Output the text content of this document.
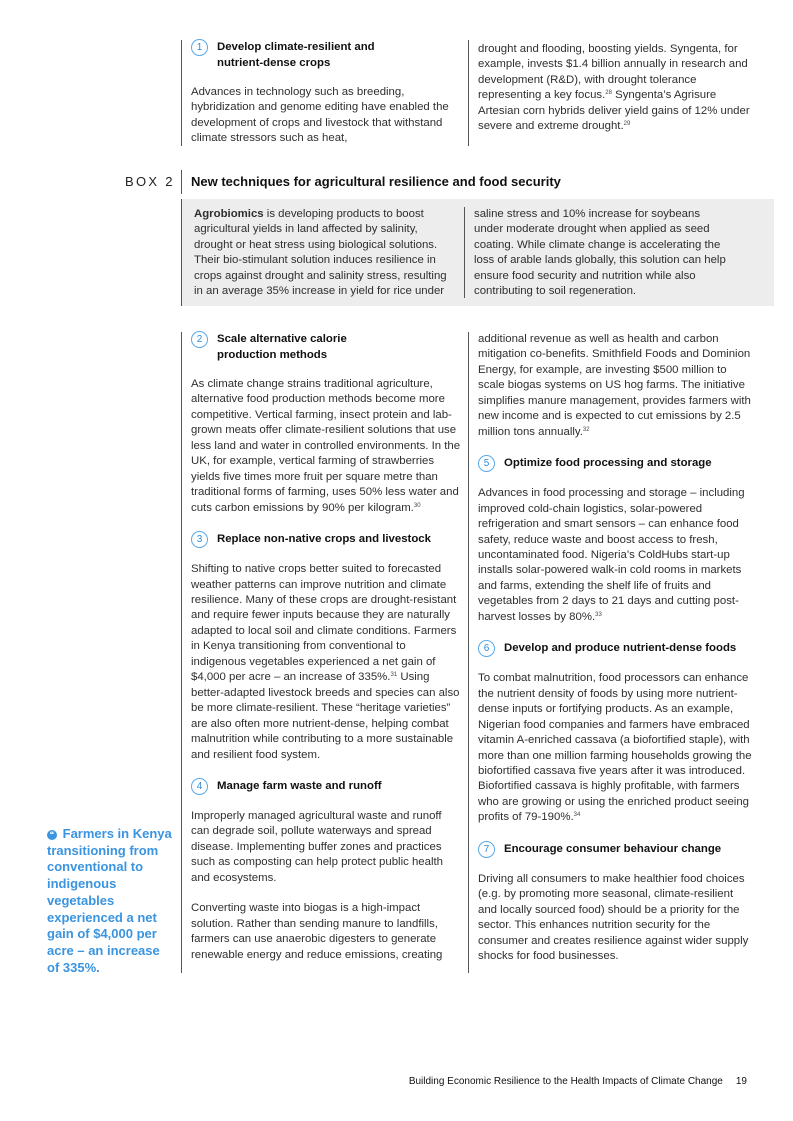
1	Develop climate-resilient and nutrient-dense crops

Advances in technology such as breeding, hybridization and genome editing have enabled the development of crops and livestock that withstand climate stressors such as heat,

drought and flooding, boosting yields. Syngenta, for example, invests $1.4 billion annually in research and development (R&D), with drought tolerance representing a key focus.$^{28}$ Syngenta’s Agrisure Artesian corn hybrids deliver yield gains of 12% under severe and extreme drought.$^{29}$

BOX 2 New techniques for agricultural resilience and food security

Agrobiomics is developing products to boost agricultural yields in land affected by salinity, drought or heat stress using biological solutions. Their bio-stimulant solution induces resilience in crops against drought and salinity stress, resulting in an average 35% increase in yield for rice under

saline stress and 10% increase for soybeans under moderate drought when applied as seed coating. While climate change is accelerating the loss of arable lands globally, this solution can help ensure food security and nutrition while also contributing to soil regeneration.

2	Scale alternative calorie production methods

As climate change strains traditional agriculture, alternative food production methods become more competitive. Vertical farming, insect protein and lab-grown meats offer climate-resilient solutions that use less land and water in controlled environments. In the UK, for example, vertical farming of strawberries yields five times more fruit per square metre than traditional forms of farming, uses 50% less water and cuts carbon emissions by 90% per kilogram.$^{30}$

3	Replace non-native crops and livestock

Shifting to native crops better suited to forecasted weather patterns can improve nutrition and climate resilience. Many of these crops are drought-resistant and require fewer inputs because they are naturally adapted to local soil and climate conditions. Farmers in Kenya transitioning from conventional to indigenous vegetables experienced a net gain of $4,000 per acre – an increase of 335%.$^{31}$ Using better-adapted livestock breeds and species can also be more climate-resilient. These “heritage varieties” are also often more nutrient-dense, helping combat malnutrition while contributing to a more sustainable and resilient food system.

4	Manage farm waste and runoff

Improperly managed agricultural waste and runoff can degrade soil, pollute waterways and spread disease. Implementing buffer zones and practices such as composting can help protect public health and ecosystems.

Converting waste into biogas is a high-impact solution. Rather than sending manure to landfills, farmers can use anaerobic digesters to generate renewable energy and reduce emissions, creating

additional revenue as well as health and carbon mitigation co-benefits. Smithfield Foods and Dominion Energy, for example, are investing $500 million to scale biogas systems on US hog farms. The initiative simplifies manure management, provides farmers with new income and is expected to cut emissions by 2.5 million tons annually.$^{32}$

5	Optimize food processing and storage

Advances in food processing and storage – including improved cold-chain logistics, solar-powered refrigeration and smart sensors – can enhance food safety, reduce waste and boost access to fresh, uncontaminated food. Nigeria’s ColdHubs start-up installs solar-powered walk-in cold rooms in markets and farms, extending the shelf life of fruits and vegetables from 2 days to 21 days and cutting post-harvest losses by 80%.$^{33}$

6	Develop and produce nutrient-dense foods

To combat malnutrition, food processors can enhance the nutrient density of foods by using more nutrient-dense inputs or fortifying products. As an example, Nigerian food companies and farmers have embraced vitamin A-enriched cassava (a biofortified staple), with more than one million farming households growing the biofortified cassava five years after it was introduced. Biofortified cassava is highly profitable, with farmers who are growing or using the enriched product seeing profits of 79-190%.$^{34}$

7	Encourage consumer behaviour change

Driving all consumers to make healthier food choices (e.g. by promoting more seasonal, climate-resilient and locally sourced food) should be a priority for the sector. This enhances nutrition security for the consumer and creates resilience against wider supply shocks for food businesses.

❝ Farmers in Kenya transitioning from conventional to indigenous vegetables experienced a net gain of $4,000 per acre – an increase of 335%.
Building Economic Resilience to the Health Impacts of Climate Change 19
